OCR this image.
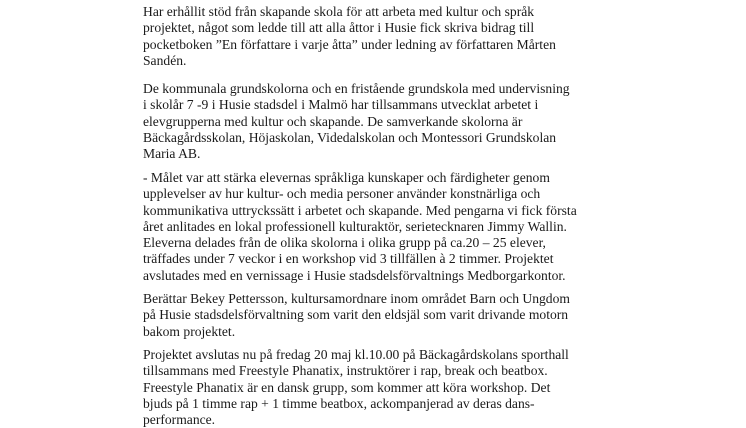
Har erhållit stöd från skapande skola för att arbeta med kultur och språk
projektet, något som ledde till att alla åttor i Husie fick skriva bidrag till
pocketboken ”En författare i varje åtta” under ledning av författaren Mårten
Sandén.

De kommunala grundskolorna och en fristående grundskola med undervisning
i skolår 7 -9 i Husie stadsdel i Malmö har tillsammans utvecklat arbetet i
elevgrupperna med kultur och skapande. De samverkande skolorna är
Bäckagårdsskolan, Höjaskolan, Videdalskolan och Montessori Grundskolan
Maria AB.

- Målet var att stärka elevernas språkliga kunskaper och färdigheter genom
upplevelser av hur kultur- och media personer använder konstnärliga och
kommunikativa uttryckssätt i arbetet och skapande. Med pengarna vi fick första
året anlitades en lokal professionell kulturaktör, serietecknaren Jimmy Wallin.
Eleverna delades från de olika skolorna i olika grupp på ca.20 – 25 elever,
träffades under 7 veckor i en workshop vid 3 tillfällen à 2 timmer. Projektet
avslutades med en vernissage i Husie stadsdelsförvaltnings Medborgarkontor.

Berättar Bekey Pettersson, kultursamordnare inom området Barn och Ungdom
på Husie stadsdelsförvaltning som varit den eldsjäl som varit drivande motorn
bakom projektet.

Projektet avslutas nu på fredag 20 maj kl.10.00 på Bäckagårdskolans sporthall
tillsammans med Freestyle Phanatix, instruktörer i rap, break och beatbox.
Freestyle Phanatix är en dansk grupp, som kommer att köra workshop. Det
bjuds på 1 timme rap + 1 timme beatbox, ackompanjerad av deras dans-
performance.
